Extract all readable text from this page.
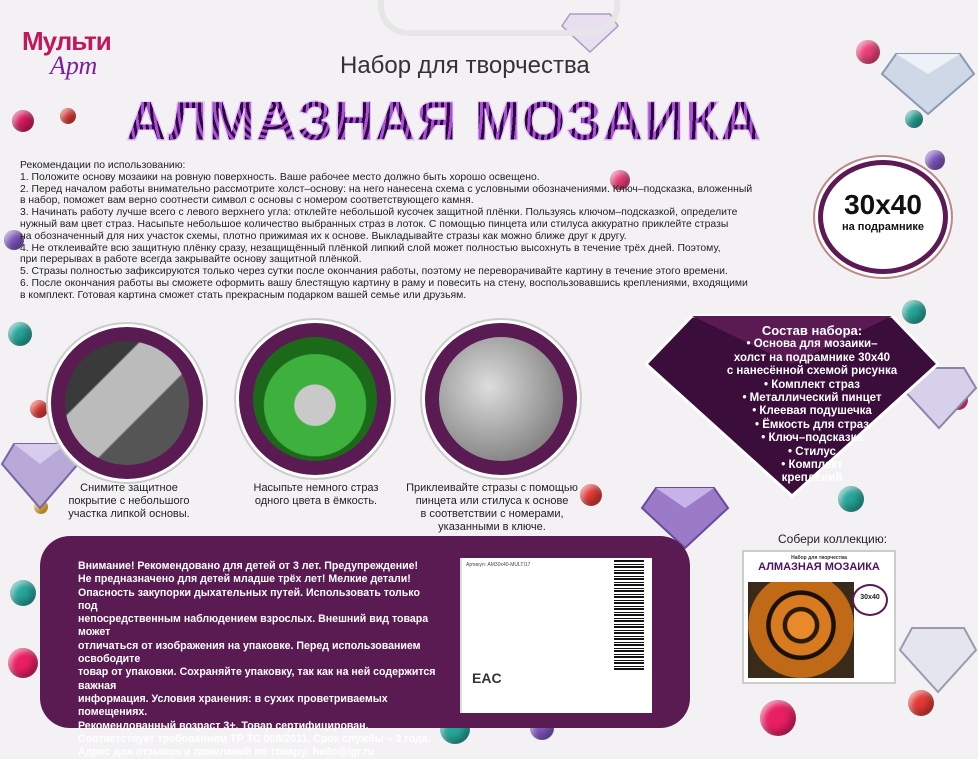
Мульти
Арт	Набор для творчества
АЛМАЗНАЯ МОЗАИКА

Рекомендации по использованию:

1. Положите основу мозаики на ровную поверхность. Ваше рабочее место должно быть хорошо освещено.

2. Перед началом работы внимательно рассмотрите холст–основу: на него нанесена схема с условными обозначениями. Ключ–подсказка, вложенный

в набор, поможет вам верно соотнести символ с основы с номером соответствующего камня.

3. Начинать работу лучше всего с левого верхнего угла: отклейте небольшой кусочек защитной плёнки. Пользуясь ключом–подсказкой, определите

нужный вам цвет страз. Насыпьте небольшое количество выбранных страз в лоток. С помощью пинцета или стилуса аккуратно приклейте стразы

на обозначенный для них участок схемы, плотно прижимая их к основе. Выкладывайте стразы как можно ближе друг к другу.

4. Не отклеивайте всю защитную плёнку сразу, незащищённый плёнкой липкий слой может полностью высохнуть в течение трёх дней. Поэтому,

при перерывах в работе всегда закрывайте основу защитной плёнкой.

5. Стразы полностью зафиксируются только через сутки после окончания работы, поэтому не переворачивайте картину в течение этого времени.

6. После окончания работы вы сможете оформить вашу блестящую картину в раму и повесить на стену, воспользовавшись креплениями, входящими

в комплект. Готовая картина сможет стать прекрасным подарком вашей семье или друзьям.

30x40
на подрамнике
Снимите защитное
покрытие с небольшого
участка липкой основы.
Насыпьте немного страз
одного цвета в ёмкость.
Приклеивайте стразы с помощью
пинцета или стилуса к основе
в соответствии с номерами,
указанными в ключе.
Состав набора:
• Основа для мозаики–
холст на подрамнике 30х40
с нанесённой схемой рисунка
• Комплект страз
• Металлический пинцет
• Клеевая подушечка
• Ёмкость для страз
• Ключ–подсказка
• Стилус
• Комплект
креплений
Внимание! Рекомендовано для детей от 3 лет. Предупреждение!
Не предназначено для детей младше трёх лет! Мелкие детали!
Опасность закупорки дыхательных путей. Использовать только под
непосредственным наблюдением взрослых. Внешний вид товара может
отличаться от изображения на упаковке. Перед использованием освободите
товар от упаковки. Сохраняйте упаковку, так как на ней содержится важная
информация. Условия хранения: в сухих проветриваемых помещениях.
Рекомендованный возраст 3+. Товар сертифицирован.
Соответствует требованиям ТР ТС 008/2011. Срок службы – 3 года.
Адрес для отзывов и пожеланий по товару: hello@igr.ru
Артикул: AM30x40-MULTI17
EAC
Собери коллекцию:
Набор для творчества
АЛМАЗНАЯ МОЗАИКА
30x40
